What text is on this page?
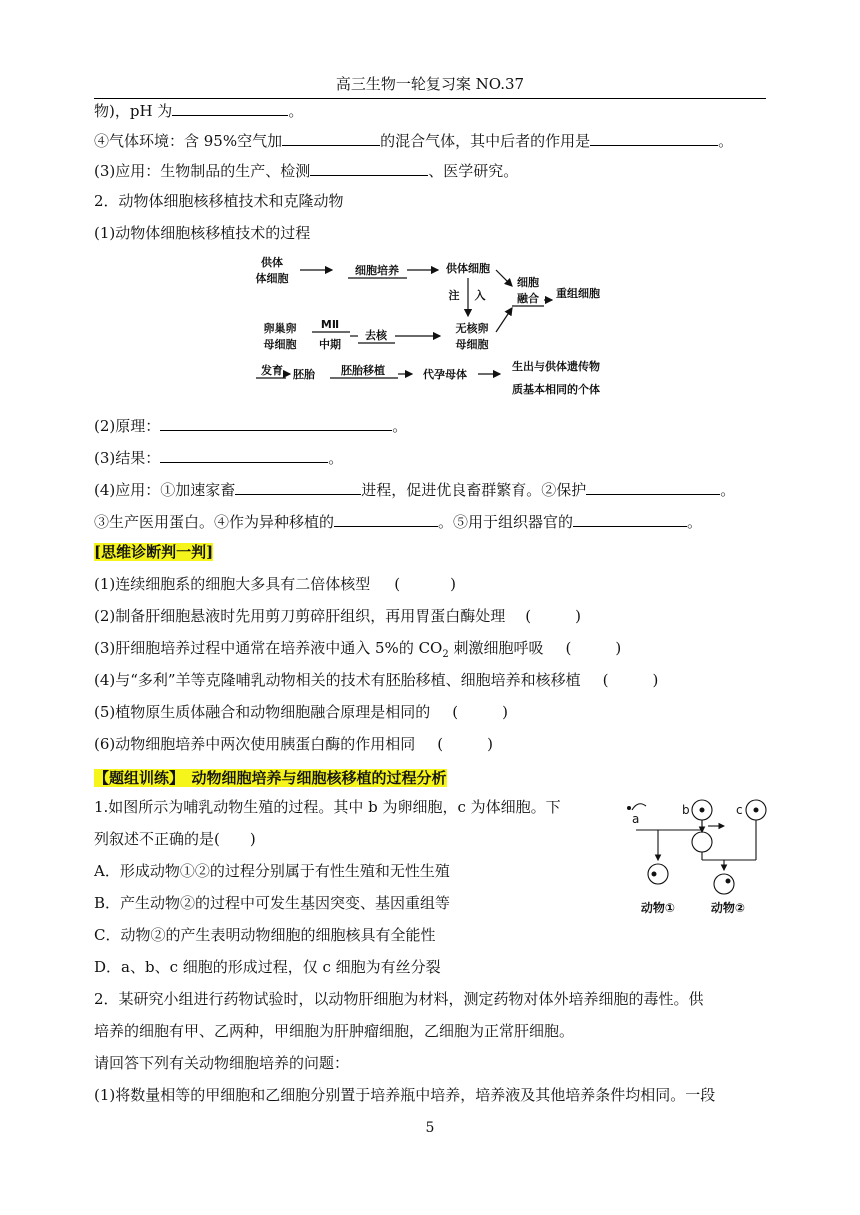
高三生物一轮复习案 NO.37
物)，pH 为	。
④气体环境：含 95%空气加	的混合气体，其中后者的作用是	。
(3)应用：生物制品的生产、检测	、医学研究。
2．动物体细胞核移植技术和克隆动物
(1)动物体细胞核移植技术的过程
供体
体细胞
细胞培养	供体细胞
注 入
细胞
融合 重组细胞
卵巢卵
母细胞
MⅡ
中期
去核
无核卵
母细胞
发育 胚胎 胚胎移植	代孕母体
生出与供体遗传物
质基本相同的个体
(2)原理：	。
(3)结果：	。
(4)应用：①加速家畜	进程，促进优良畜群繁育。②保护	。
③生产医用蛋白。④作为异种移植的	。⑤用于组织器官的	。
[思维诊断判一判]
(1)连续细胞系的细胞大多具有二倍体核型 (	)
(2)制备肝细胞悬液时先用剪刀剪碎肝组织，再用胃蛋白酶处理 (	)
(3)肝细胞培养过程中通常在培养液中通入 5%的 $CO_2$ 刺激细胞呼吸 (	)
(4)与“多利”羊等克隆哺乳动物相关的技术有胚胎移植、细胞培养和核移植 (	)
(5)植物原生质体融合和动物细胞融合原理是相同的 (	)
(6)动物细胞培养中两次使用胰蛋白酶的作用相同 (	)
【题组训练】　动物细胞培养与细胞核移植的过程分析
1.如图所示为哺乳动物生殖的过程。其中 b 为卵细胞，c 为体细胞。下
列叙述不正确的是(　　)
A．形成动物①②的过程分别属于有性生殖和无性生殖
B．产生动物②的过程中可发生基因突变、基因重组等
C．动物②的产生表明动物细胞的细胞核具有全能性
D．a、b、c 细胞的形成过程，仅 c 细胞为有丝分裂
a
b	c
动物①	动物②
2．某研究小组进行药物试验时，以动物肝细胞为材料，测定药物对体外培养细胞的毒性。供
培养的细胞有甲、乙两种，甲细胞为肝肿瘤细胞，乙细胞为正常肝细胞。
请回答下列有关动物细胞培养的问题：
(1)将数量相等的甲细胞和乙细胞分别置于培养瓶中培养，培养液及其他培养条件均相同。一段
5
